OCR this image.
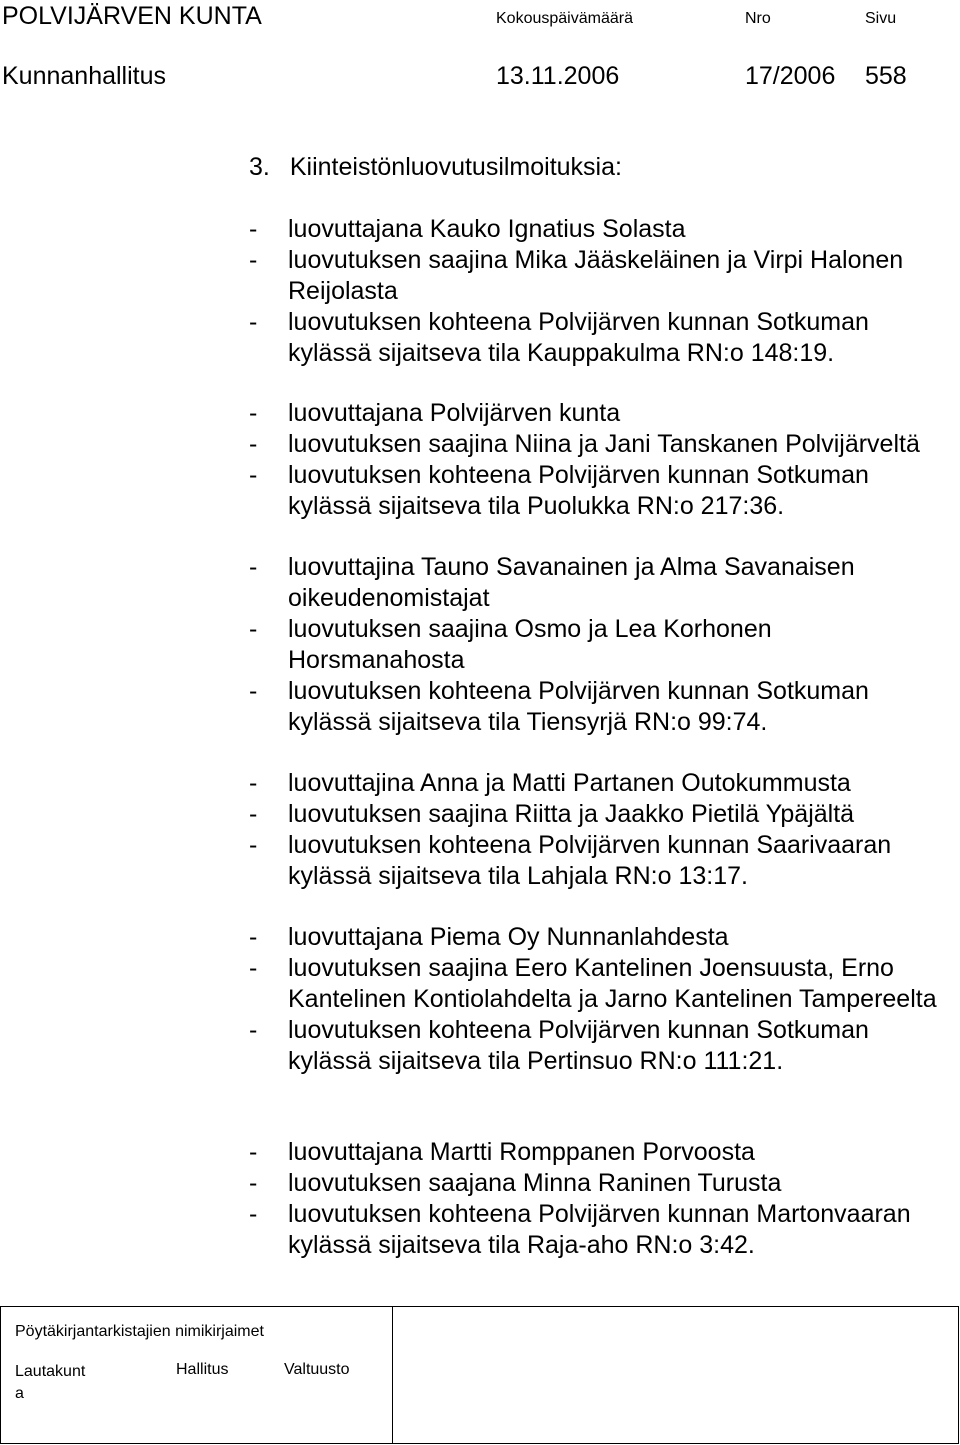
POLVIJÄRVEN KUNTA	Kokouspäivämäärä	Nro	Sivu
Kunnanhallitus	13.11.2006	17/2006 558
3. Kiinteistönluovutusilmoituksia:
-	luovuttajana Kauko Ignatius Solasta
-	luovutuksen saajina Mika Jääskeläinen ja Virpi Halonen Reijolasta
-	luovutuksen kohteena Polvijärven kunnan Sotkuman kylässä sijaitseva tila Kauppakulma RN:o 148:19.
-	luovuttajana Polvijärven kunta
-	luovutuksen saajina Niina ja Jani Tanskanen Polvijärveltä
-	luovutuksen kohteena Polvijärven kunnan Sotkuman kylässä sijaitseva tila Puolukka RN:o 217:36.
-	luovuttajina Tauno Savanainen ja Alma Savanaisen oikeudenomistajat
-	luovutuksen saajina Osmo ja Lea Korhonen Horsmanahosta
-	luovutuksen kohteena Polvijärven kunnan Sotkuman kylässä sijaitseva tila Tiensyrjä RN:o 99:74.
-	luovuttajina Anna ja Matti Partanen Outokummusta
-	luovutuksen saajina Riitta ja Jaakko Pietilä Ypäjältä
-	luovutuksen kohteena Polvijärven kunnan Saarivaaran kylässä sijaitseva tila Lahjala RN:o 13:17.
-	luovuttajana Piema Oy Nunnanlahdesta
-	luovutuksen saajina Eero Kantelinen Joensuusta, Erno Kantelinen Kontiolahdelta ja Jarno Kantelinen Tampereelta
-	luovutuksen kohteena Polvijärven kunnan Sotkuman kylässä sijaitseva tila Pertinsuo RN:o 111:21.
-	luovuttajana Martti Romppanen Porvoosta
-	luovutuksen saajana Minna Raninen Turusta
-	luovutuksen kohteena Polvijärven kunnan Martonvaaran kylässä sijaitseva tila Raja-aho RN:o 3:42.
Pöytäkirjantarkistajien nimikirjaimet
Lautakunt
a
Hallitus	Valtuusto
